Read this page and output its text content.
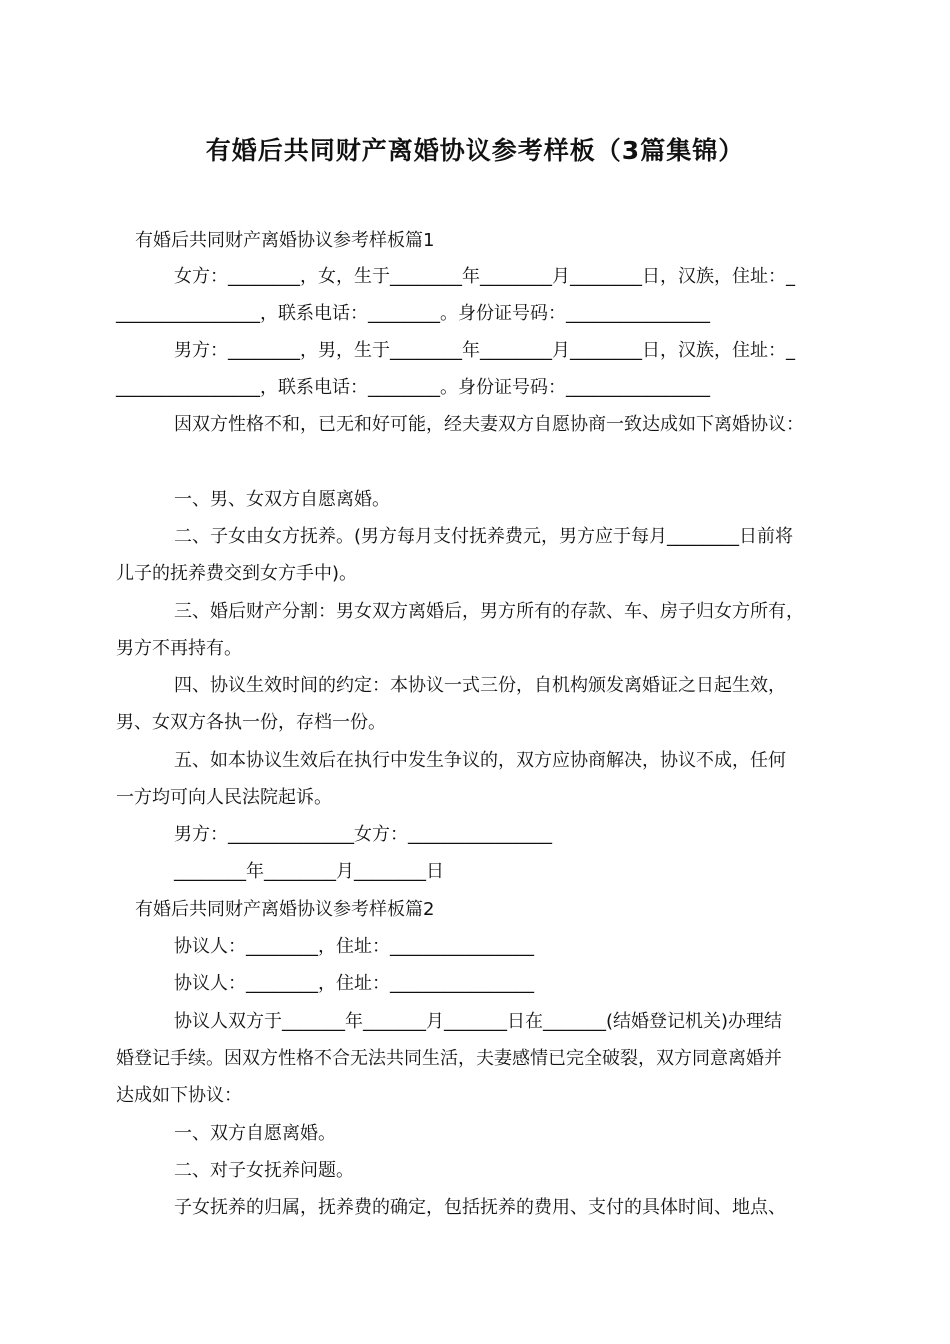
有婚后共同财产离婚协议参考样板（3篇集锦）

有婚后共同财产离婚协议参考样板篇1

女方：________，女，生于________年________月________日，汉族，住址：_

________________，联系电话：________。身份证号码：________________

男方：________，男，生于________年________月________日，汉族，住址：_

________________，联系电话：________。身份证号码：________________

因双方性格不和，已无和好可能，经夫妻双方自愿协商一致达成如下离婚协议：

一、男、女双方自愿离婚。

二、子女由女方抚养。(男方每月支付抚养费元，男方应于每月________日前将

儿子的抚养费交到女方手中)。

三、婚后财产分割：男女双方离婚后，男方所有的存款、车、房子归女方所有，

男方不再持有。

四、协议生效时间的约定：本协议一式三份，自机构颁发离婚证之日起生效，

男、女双方各执一份，存档一份。

五、如本协议生效后在执行中发生争议的，双方应协商解决，协议不成，任何

一方均可向人民法院起诉。

男方：______________女方：________________

________年________月________日

有婚后共同财产离婚协议参考样板篇2

协议人：________，住址：________________

协议人：________，住址：________________

协议人双方于_______年_______月_______日在_______(结婚登记机关)办理结

婚登记手续。因双方性格不合无法共同生活，夫妻感情已完全破裂，双方同意离婚并

达成如下协议：

一、双方自愿离婚。

二、对子女抚养问题。

子女抚养的归属，抚养费的确定，包括抚养的费用、支付的具体时间、地点、
